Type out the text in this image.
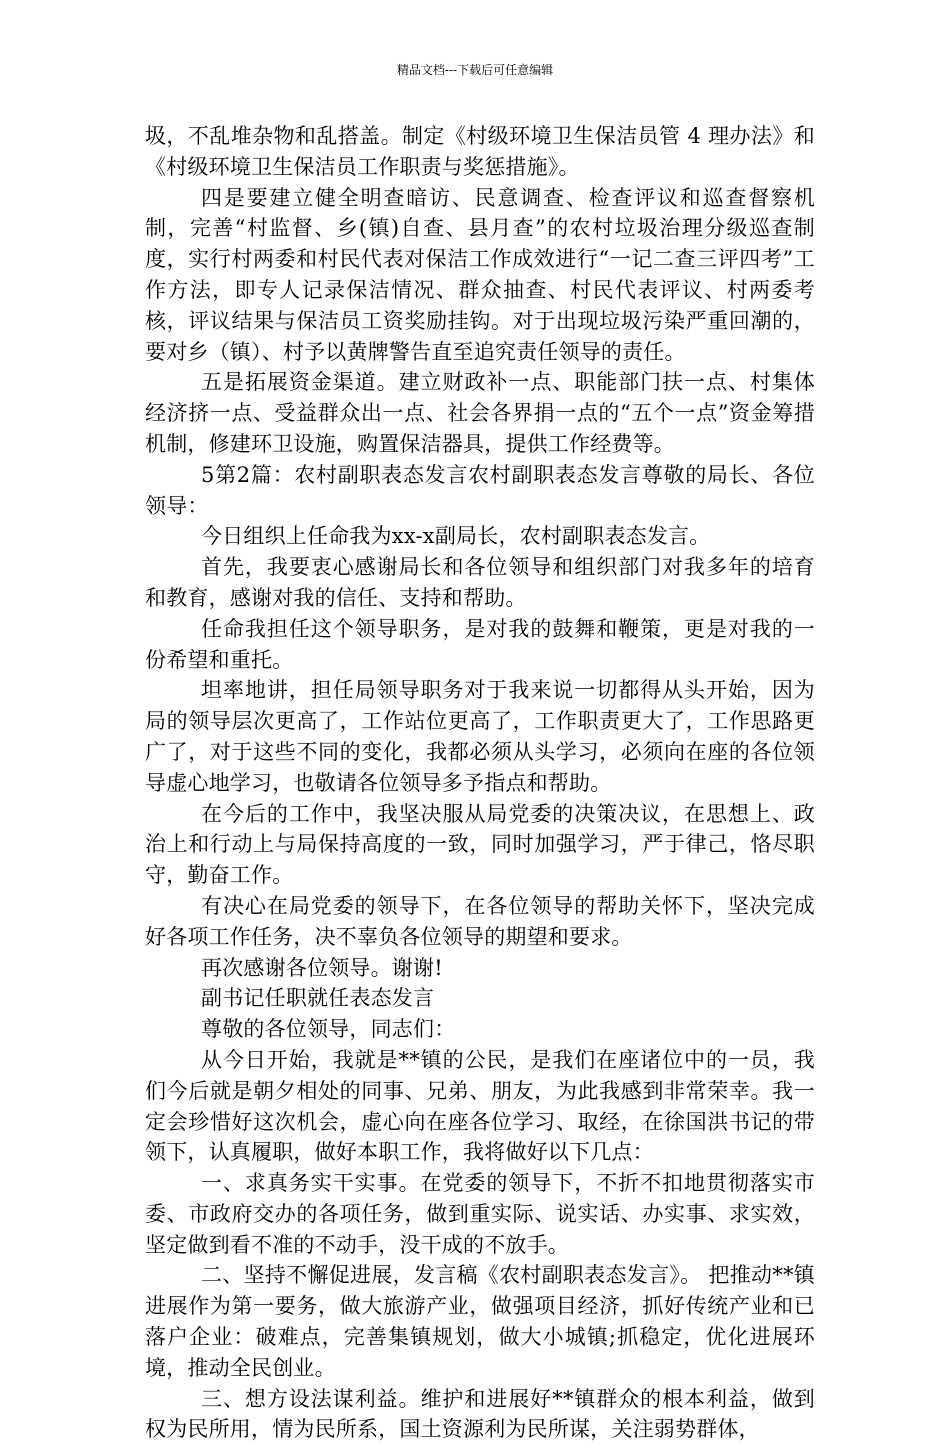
精品文档---下载后可任意编辑

圾，不乱堆杂物和乱搭盖。制定《村级环境卫生保洁员管 4 理办法》和《村级环境卫生保洁员工作职责与奖惩措施》。

四是要建立健全明查暗访、民意调查、检查评议和巡查督察机制，完善“村监督、乡(镇)自查、县月查”的农村垃圾治理分级巡查制度，实行村两委和村民代表对保洁工作成效进行“一记二查三评四考”工作方法，即专人记录保洁情况、群众抽查、村民代表评议、村两委考核，评议结果与保洁员工资奖励挂钩。对于出现垃圾污染严重回潮的，要对乡（镇）、村予以黄牌警告直至追究责任领导的责任。

五是拓展资金渠道。建立财政补一点、职能部门扶一点、村集体经济挤一点、受益群众出一点、社会各界捐一点的“五个一点”资金筹措机制，修建环卫设施，购置保洁器具，提供工作经费等。

5第2篇：农村副职表态发言农村副职表态发言尊敬的局长、各位领导：

今日组织上任命我为xx-x副局长，农村副职表态发言。

首先，我要衷心感谢局长和各位领导和组织部门对我多年的培育和教育，感谢对我的信任、支持和帮助。

任命我担任这个领导职务，是对我的鼓舞和鞭策，更是对我的一份希望和重托。

坦率地讲，担任局领导职务对于我来说一切都得从头开始，因为局的领导层次更高了，工作站位更高了，工作职责更大了，工作思路更广了，对于这些不同的变化，我都必须从头学习，必须向在座的各位领导虚心地学习，也敬请各位领导多予指点和帮助。

在今后的工作中，我坚决服从局党委的决策决议，在思想上、政治上和行动上与局保持高度的一致，同时加强学习，严于律己，恪尽职守，勤奋工作。

有决心在局党委的领导下，在各位领导的帮助关怀下，坚决完成好各项工作任务，决不辜负各位领导的期望和要求。

再次感谢各位领导。谢谢!

副书记任职就任表态发言

尊敬的各位领导，同志们：

从今日开始，我就是**镇的公民，是我们在座诸位中的一员，我们今后就是朝夕相处的同事、兄弟、朋友，为此我感到非常荣幸。我一定会珍惜好这次机会，虚心向在座各位学习、取经，在徐国洪书记的带领下，认真履职，做好本职工作，我将做好以下几点：

一、求真务实干实事。在党委的领导下，不折不扣地贯彻落实市委、市政府交办的各项任务，做到重实际、说实话、办实事、求实效，坚定做到看不准的不动手，没干成的不放手。

二、坚持不懈促进展，发言稿《农村副职表态发言》。 把推动**镇进展作为第一要务，做大旅游产业，做强项目经济，抓好传统产业和已落户企业：破难点，完善集镇规划，做大小城镇;抓稳定，优化进展环境，推动全民创业。

三、想方设法谋利益。维护和进展好**镇群众的根本利益，做到权为民所用，情为民所系，国土资源利为民所谋，关注弱势群体，
